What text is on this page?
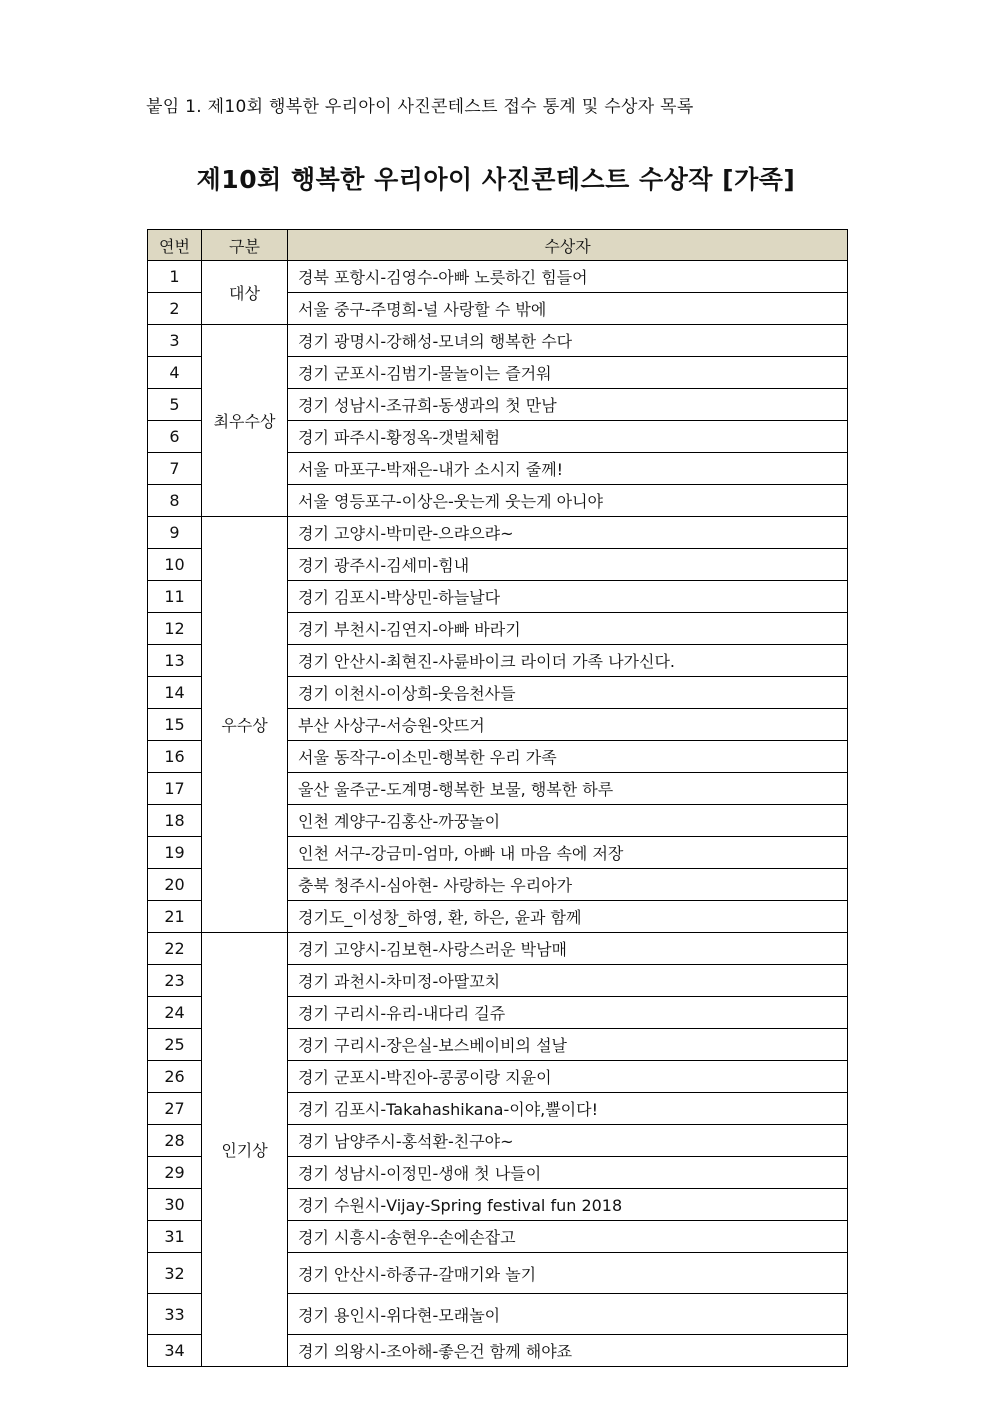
붙임 1. 제10회 행복한 우리아이 사진콘테스트 접수 통계 및 수상자 목록
제10회 행복한 우리아이 사진콘테스트 수상작 [가족]
연번	구분	수상자
1	대상	경북 포항시-김영수-아빠 노릇하긴 힘들어
2		서울 중구-주명희-널 사랑할 수 밖에
3	최우수상	경기 광명시-강해성-모녀의 행복한 수다
4		경기 군포시-김범기-물놀이는 즐거워
5		경기 성남시-조규희-동생과의 첫 만남
6		경기 파주시-황정옥-갯벌체험
7		서울 마포구-박재은-내가 소시지 줄께!
8		서울 영등포구-이상은-웃는게 웃는게 아니야
9	우수상	경기 고양시-박미란-으랴으랴~
10		경기 광주시-김세미-힘내
11		경기 김포시-박상민-하늘날다
12		경기 부천시-김연지-아빠 바라기
13		경기 안산시-최현진-사륜바이크 라이더 가족 나가신다.
14		경기 이천시-이상희-웃음천사들
15		부산 사상구-서승원-앗뜨거
16		서울 동작구-이소민-행복한 우리 가족
17		울산 울주군-도계명-행복한 보물, 행복한 하루
18		인천 계양구-김홍산-까꿍놀이
19		인천 서구-강금미-엄마, 아빠 내 마음 속에 저장
20		충북 청주시-심아현- 사랑하는 우리아가
21		경기도_이성창_하영, 환, 하은, 윤과 함께
22	인기상	경기 고양시-김보현-사랑스러운 박남매
23		경기 과천시-차미정-아딸꼬치
24		경기 구리시-유리-내다리 길쥬
25		경기 구리시-장은실-보스베이비의 설날
26		경기 군포시-박진아-콩콩이랑 지윤이
27		경기 김포시-Takahashikana-이야,뿔이다!
28		경기 남양주시-홍석환-친구야~
29		경기 성남시-이정민-생애 첫 나들이
30		경기 수원시-Vijay-Spring festival fun 2018
31		경기 시흥시-송현우-손에손잡고
32		경기 안산시-하종규-갈매기와 놀기
33		경기 용인시-위다현-모래놀이
34		경기 의왕시-조아해-좋은건 함께 해야죠
